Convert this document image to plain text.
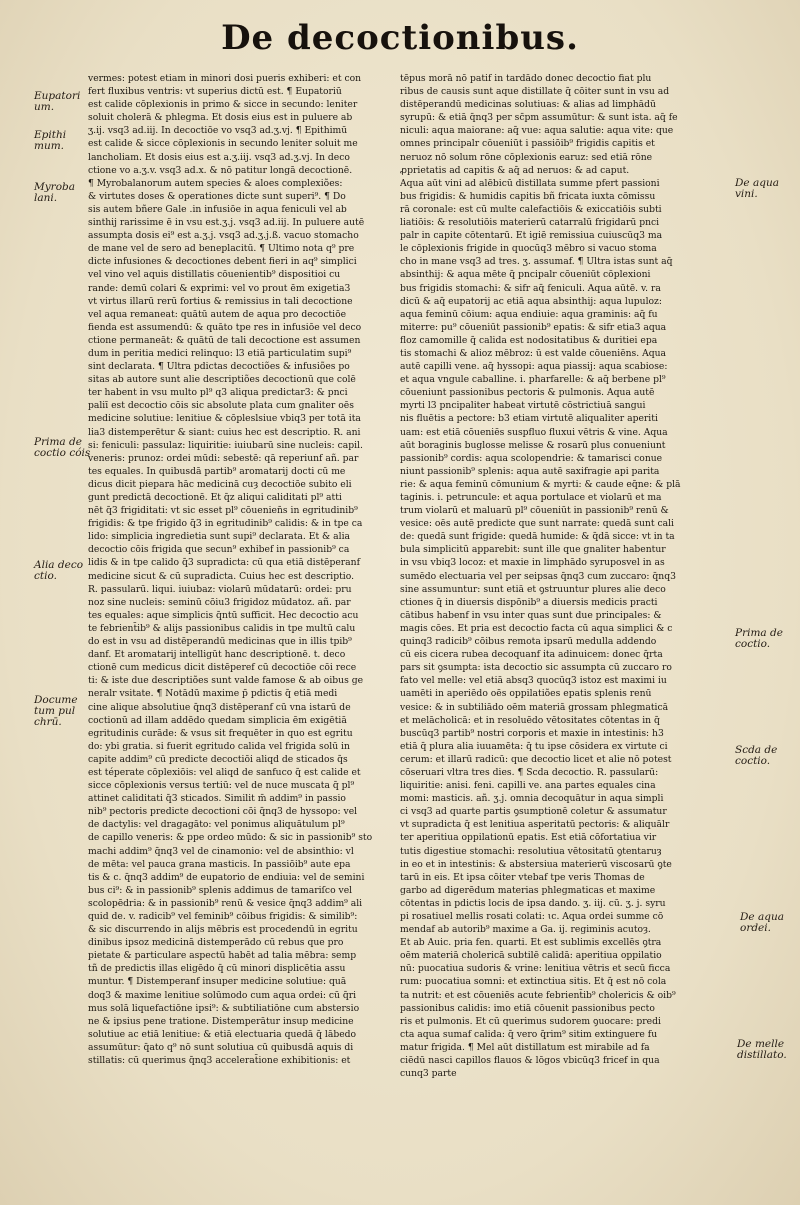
De decoctionibus.
Eupatori
um.
Epithi
mum.
Myroba
lani.
Prima de
coctio cóis
Alia deco
ctio.
Docume
tum pul
chrū.
De aqua
vini.
Prima de
coctio.
Scda de
coctio.
De aqua
ordei.
De melle
distillato.
vermes: potest etiam in minori dosi pueris exhiberi: et con
fert fluxibus ventris: vt superius dictū est. ¶ Eupatoriū
est calide cōplexionis in primo & sicce in secundo: leniter
soluit cholerā & phlegma. Et dosis eius est in puluere ab
ʒ.ij. vsq3 ad.iij. In decoctiōe vo vsq3 ad.ʒ.vj. ¶ Epithimū
est calide & sicce cōplexionis in secundo leniter soluit me
lancholiam. Et dosis eius est a.ʒ.iij. vsq3 ad.ʒ.vj. In deco
ctione vo a.ʒ.v. vsq3 ad.x. & nō patitur longā decoctionē.
¶ Myrobalanorum autem species & aloes complexiões:
& virtutes doses & operationes dicte sunt superi⁹. ¶ Do
sis autem bñere Gale .in infusiōe in aqua feniculi vel ab
sinthij rarissime ē in vsu est.ʒ.j. vsq3 ad.iij. In puluere autē
assumpta dosis ei⁹ est a.ʒ.j. vsq3 ad.ʒ.j.ß. vacuo stomacho
de mane vel de sero ad beneplacitū. ¶ Ultimo nota q⁹ pre
dicte infusiones & decoctiones debent fieri in aq⁹ simplici
vel vino vel aquis distillatis cōuenientib⁹ dispositioi cu
rande: demū colari & exprimi: vel vo prout ēm exigetia3
vt virtus illarū rerū fortius & remissius in tali decoctione
vel aqua remaneat: quātū autem de aqua pro decoctiōe
fienda est assumendū: & quāto tpe res in infusiōe vel deco
ctione permaneāt: & quātū de tali decoctione est assumen
dum in peritia medici relinquo: l3 etiā particulatim supi⁹
sint declarata. ¶ Ultra pdictas decoctiões & infusiões po
sitas ab autore sunt alie descriptiões decoctionū que colē
ter habent in vsu multo pl⁹ q3 aliqua predictar3: & pnci
paliī est decoctio cōis sic absolute plata cum gnaliter oēs
medicine solutiue: lenitiue & cōpleslsiue vbiq3 per totā ita
lia3 distemperētur & siant: cuius hec est descriptio. R. ani
si: feniculi: passulaz: liquiritie: iuiubarū sine nucleis: capil.
veneris: prunoz: ordei mūdi: sebestē: qā reperiunf añ. par
tes equales. In quibusdā partib⁹ aromatarij docti cū me
dicus dicit piepara hāc medicinā cuȝ decoctiōe subito eli
gunt predictā decoctionē. Et q̄z aliqui caliditati pl⁹ atti
nēt q̄3 frigiditati: vt sic esset pl⁹ cōuenien̄s in egritudinib⁹
frigidis: & tpe frigido q̄3 in egritudinib⁹ calidis: & in tpe ca
lido: simplicia ingredietia sunt supi⁹ declarata. Et & alia
decoctio cōis frigida que secun⁹ exhibef in passionib⁹ ca
lidis & in tpe calido q̄3 supradicta: cū qua etiā distēperanf
medicine sicut & cū supradicta. Cuius hec est descriptio.
R. passularū. liqui. iuiubaz: violarū mūdatarū: ordei: pru
noz sine nucleis: seminū cōiu3 frigidoz mūdatoz. añ. par
tes equales: aque simplicis q̄ntū sufficit. Hec decoctio acu
te febrient̄ib⁹ & alijs passionibus calidis in tpe multū calu
do est in vsu ad distēperandū medicinas que in illis tpib⁹
danf. Et aromatarij intelligūt hanc descriptionē. t. deco
ctionē cum medicus dicit distēperef cū decoctiōe cōi rece
ti: & iste due descriptiões sunt valde famose & ab oibus ge
neralr vsitate. ¶ Notādū maxime p̄ pdictis q̄ etiā medi
cine alique absolutiue q̄nq3 distēperanf cū vna istarū de
coctionū ad illam addēdo quedam simplicia ēm exigētiā
egritudinis curāde: & vsus sit frequēter in quo est egritu
do: ybi gratia. si fuerit egritudo calida vel frigida solū in
capite addim⁹ cū predicte decoctiōi aliqd de sticados q̄s
est téperate cōplexiōis: vel aliqd de sanfuco q̄ est calide et
sicce cōplexionis versus tertiū: vel de nuce muscata q̄ pl⁹
attinet caliditati q̄3 sticados. Similit m̄ addim⁹ in passio
nib⁹ pectoris predicte decoctioni cōi q̄nq3 de hyssopo: vel
de dactylis: vel dragagāto: vel ponimus aliquātulum pl⁹
de capillo veneris: & ppe ordeo mūdo: & sic in passionib⁹ sto
machi addim⁹ q̄nq3 vel de cinamonio: vel de absinthio: vl
de mēta: vel pauca grana masticis. In passiōib⁹ aute epa
tis & c. q̄nq3 addim⁹ de eupatorio de endiuia: vel de semini
bus ci⁹: & in passionib⁹ splenis addimus de tamariſco vel
scolopēdria: & in passionib⁹ renū & vesice q̄nq3 addim⁹ ali
quid de. v. radicib⁹ vel feminib⁹ cōibus frigidis: & similib⁹:
& sic discurrendo in alijs mēbris est procedendū in egritu
dinibus ipsoz medicinā distemperādo cū rebus que pro
pietate & particulare aspectū habēt ad talia mēbra: semp
tñ de predictis illas eligēdo q̄ cū minori displicētia assu
muntur. ¶ Distemperanf insuper medicine solutiue: quā
doq3 & maxime lenitiue solūmodo cum aqua ordei: cū q̄ri
mus solā liquefactiōne ipsi⁹: & subtiliatiōne cum abstersio
ne & ipsius pene tratione. Distemperātur insup medicine
solutiue ac etiā lenitiue: & etiā electuaria quedā q̄ lābedo
assumūtur: q̄ato q⁹ nō sunt solutiua cū quibusdā aquis di
stillatis: cū querimus q̄nq3 accelerat̄ione exhibitionis: et
tēpus morā nō patif in tardādo donec decoctio fiat plu
ribus de causis sunt aque distillate q̄ cōiter sunt in vsu ad
distēperandū medicinas solutiuas: & alias ad limphādū
syrupū: & etiā q̄nq3 per sc̄pm assumūtur: & sunt ista. aq̄ fe
niculi: aqua maiorane: aq̄ vue: aqua salutie: aqua vite: que
omnes principalr cōueniūt i passiōib⁹ frigidis capitis et
neruoz nō solum rōne cōplexionis earuz: sed etiā rōne
ꝓprietatis ad capitis & aq̄ ad neruos: & ad caput.
Aqua aūt vini ad alēbicū distillata summe pfert passioni
bus frigidis: & humidis capitis bñ fricata iuxta cōmissu
rā coronale: est cū multe calefactiōis & exiccatiōis subti
liatiōis: & resolutiōis materierū catarralū frigidarū pnci
palr in capite cōtentarū. Et igiē remissiua cuiuscūq3 ma
le cōplexionis frigide in quocūq3 mēbro si vacuo stoma
cho in mane vsq3 ad tres. ʒ. assumaf. ¶ Ultra istas sunt aq̄
absinthij: & aqua mēte q̄ pncipalr cōueniūt cōplexioni
bus frigidis stomachi: & sifr aq̄ feniculi. Aqua aūtē. v. ra
dicū & aq̄ eupatorij ac etiā aqua absinthij: aqua lupuloz:
aqua feminū cōium: aqua endiuie: aqua graminis: aq̄ fu
miterre: pu⁹ cōueniūt passionib⁹ epatis: & sifr etia3 aqua
floz camomille q̄ calida est nodositatibus & duritiei epa
tis stomachi & alioz mēbroz: ū est valde cōueniēns. Aqua
autē capilli vene. aq̄ hyssopi: aqua piassij: aqua scabiose:
et aqua vngule caballine. i. pharfarelle: & aq̄ berbene pl⁹
cōueniunt passionibus pectoris & pulmonis. Aqua autē
myrti l3 pncipaliter habeat virtutē cōstrictiuā sangui
nis fluētis a pectore: b3 etiam virtutē aliqualiter aperiti
uam: est etiā cōueniēs suspfluo fluxui vētris & vine. Aqua
aūt boraginis buglosse melisse & rosarū plus conueniunt
passionib⁹ cordis: aqua scolopendrie: & tamarisci conue
niunt passionib⁹ splenis: aqua autē saxifragie api parita
rie: & aqua feminū cōmunium & myrti: & caude eq̄ne: & plā
taginis. i. petruncule: et aqua portulace et violarū et ma
trum violarū et maluarū pl⁹ cōueniūt in passionib⁹ renū &
vesice: oēs autē predicte que sunt narrate: quedā sunt cali
de: quedā sunt frigide: quedā humide: & q̄dā sicce: vt in ta
bula simplicitū apparebit: sunt ille que gnaliter habentur
in vsu vbiq3 locoz: et maxie in limphādo syruposvel in as
sumēdo electuaria vel per seipsas q̄nq3 cum zuccaro: q̄nq3
sine assumuntur: sunt etiā et ꝯstruuntur plures alie deco
ctiones q̄ in diuersis dispōnib⁹ a diuersis medicis practi
cātibus habenf in vsu inter quas sunt due principales: &
magis cōes. Et pria est decoctio facta cū aqua simplici & c
quinq3 radicib⁹ cōibus remota ipsarū medulla addendo
cū eis cicera rubea decoquanf ita adinuicem: donec q̄rta
pars sit ꝯsumpta: ista decoctio sic assumpta cū zuccaro ro
fato vel melle: vel etiā absq3 quocūq3 istoz est maximi iu
uamēti in aperiēdo oēs oppilatiões epatis splenis renū
vesice: & in subtiliādo oēm materiā grossam phlegmaticā
et melācholicā: et in resoluēdo vētositates cōtentas in q̄
buscūq3 partib⁹ nostri corporis et maxie in intestinis: h3
etiā q̄ plura alia iuuamēta: q̄ tu ipse cōsidera ex virtute ci
cerum: et illarū radicū: que decoctio licet et alie nō potest
cōseruari vltra tres dies. ¶ Scda decoctio. R. passularū:
liquiritie: anisi. feni. capilli ve. ana partes equales cina
momi: masticis. añ. ʒ.j. omnia decoquātur in aqua simpli
ci vsq3 ad quarte partis ꝯsumptionē coletur & assumatur
vt supradicta q̄ est lenitiua asperitatū pectoris: & aliquālr
ter aperitiua oppilationū epatis. Est etiā cōfortatiua vir
tutis digestiue stomachi: resolutiua vētositatū ꝯtentaruȝ
in eo et in intestinis: & abstersiua materierū viscosarū ꝯte
tarū in eis. Et ipsa cōiter vtebaf tpe veris Thomas de
garbo ad digerēdum materias phlegmaticas et maxime
cōtentas in pdictis locis de ipsa dando. ʒ. iij. cū. ʒ. j. syru
pi rosatiuel mellis rosati colati: ɩc. Aqua ordei summe cō
mendaf ab autorib⁹ maxime a Ga. ij. regiminis acutoȝ.
Et ab Auic. pria fen. quarti. Et est sublimis excellēs ꝯtra
oēm materiā cholericā subtilē calidā: aperitiua oppilatio
nū: puocatiua sudoris & vrine: lenitiua vētris et secū ficca
rum: puocatiua somni: et extinctiua sitis. Et q̄ est nō cola
ta nutrit: et est cōueniēs acute febrient̄ib⁹ cholericis & oib⁹
passionibus calidis: imo etiā cōuenit passionibus pecto
ris et pulmonis. Et cū querimus sudorem ꝯuocare: predi
cta aqua sumaf calida: q̄ vero q̄rim⁹ sitim extinguere fu
matur frigida. ¶ Mel aūt distillatum est mirabile ad fa
ciēdū nasci capillos flauos & lōgos vbicūq3 fricef in qua
cunq3 parte
